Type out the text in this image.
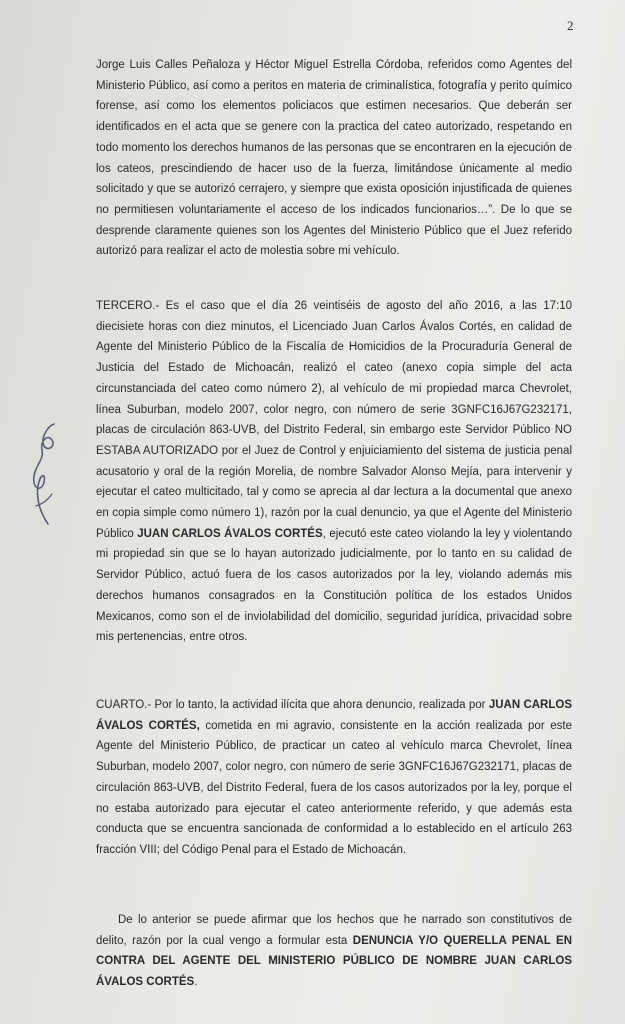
2

Jorge Luis Calles Peñaloza y Héctor Miguel Estrella Córdoba, referidos como Agentes del Ministerio Público, así como a peritos en materia de criminalística, fotografía y perito químico forense, así como los elementos policiacos que estimen necesarios. Que deberán ser identificados en el acta que se genere con la practica del cateo autorizado, respetando en todo momento los derechos humanos de las personas que se encontraren en la ejecución de los cateos, prescindiendo de hacer uso de la fuerza, limitándose únicamente al medio solicitado y que se autorizó cerrajero, y siempre que exista oposición injustificada de quienes no permitiesen voluntariamente el acceso de los indicados funcionarios…”. De lo que se desprende claramente quienes son los Agentes del Ministerio Público que el Juez referido autorizó para realizar el acto de molestia sobre mi vehículo.

TERCERO.- Es el caso que el día 26 veintiséis de agosto del año 2016, a las 17:10 diecisiete horas con diez minutos, el Licenciado Juan Carlos Ávalos Cortés, en calidad de Agente del Ministerio Público de la Fiscalía de Homicidios de la Procuraduría General de Justicia del Estado de Michoacán, realizó el cateo (anexo copia simple del acta circunstanciada del cateo como número 2), al vehículo de mi propiedad marca Chevrolet, línea Suburban, modelo 2007, color negro, con número de serie 3GNFC16J67G232171, placas de circulación 863-UVB, del Distrito Federal, sin embargo este Servidor Público NO ESTABA AUTORIZADO por el Juez de Control y enjuiciamiento del sistema de justicia penal acusatorio y oral de la región Morelia, de nombre Salvador Alonso Mejía, para intervenir y ejecutar el cateo multicitado, tal y como se aprecia al dar lectura a la documental que anexo en copia simple como número 1), razón por la cual denuncio, ya que el Agente del Ministerio Público JUAN CARLOS ÁVALOS CORTÉS, ejecutó este cateo violando la ley y violentando mi propiedad sin que se lo hayan autorizado judicialmente, por lo tanto en su calidad de Servidor Público, actuó fuera de los casos autorizados por la ley, violando además mis derechos humanos consagrados en la Constitución política de los estados Unidos Mexicanos, como son el de inviolabilidad del domicilio, seguridad jurídica, privacidad sobre mis pertenencias, entre otros.

CUARTO.- Por lo tanto, la actividad ilícita que ahora denuncio, realizada por JUAN CARLOS ÁVALOS CORTÉS, cometida en mi agravio, consistente en la acción realizada por este Agente del Ministerio Público, de practicar un cateo al vehículo marca Chevrolet, línea Suburban, modelo 2007, color negro, con número de serie 3GNFC16J67G232171, placas de circulación 863-UVB, del Distrito Federal, fuera de los casos autorizados por la ley, porque el no estaba autorizado para ejecutar el cateo anteriormente referido, y que además esta conducta que se encuentra sancionada de conformidad a lo establecido en el artículo 263 fracción VIII; del Código Penal para el Estado de Michoacán.

De lo anterior se puede afirmar que los hechos que he narrado son constitutivos de delito, razón por la cual vengo a formular esta DENUNCIA Y/O QUERELLA PENAL EN CONTRA DEL AGENTE DEL MINISTERIO PÚBLICO DE NOMBRE JUAN CARLOS ÁVALOS CORTÉS.
